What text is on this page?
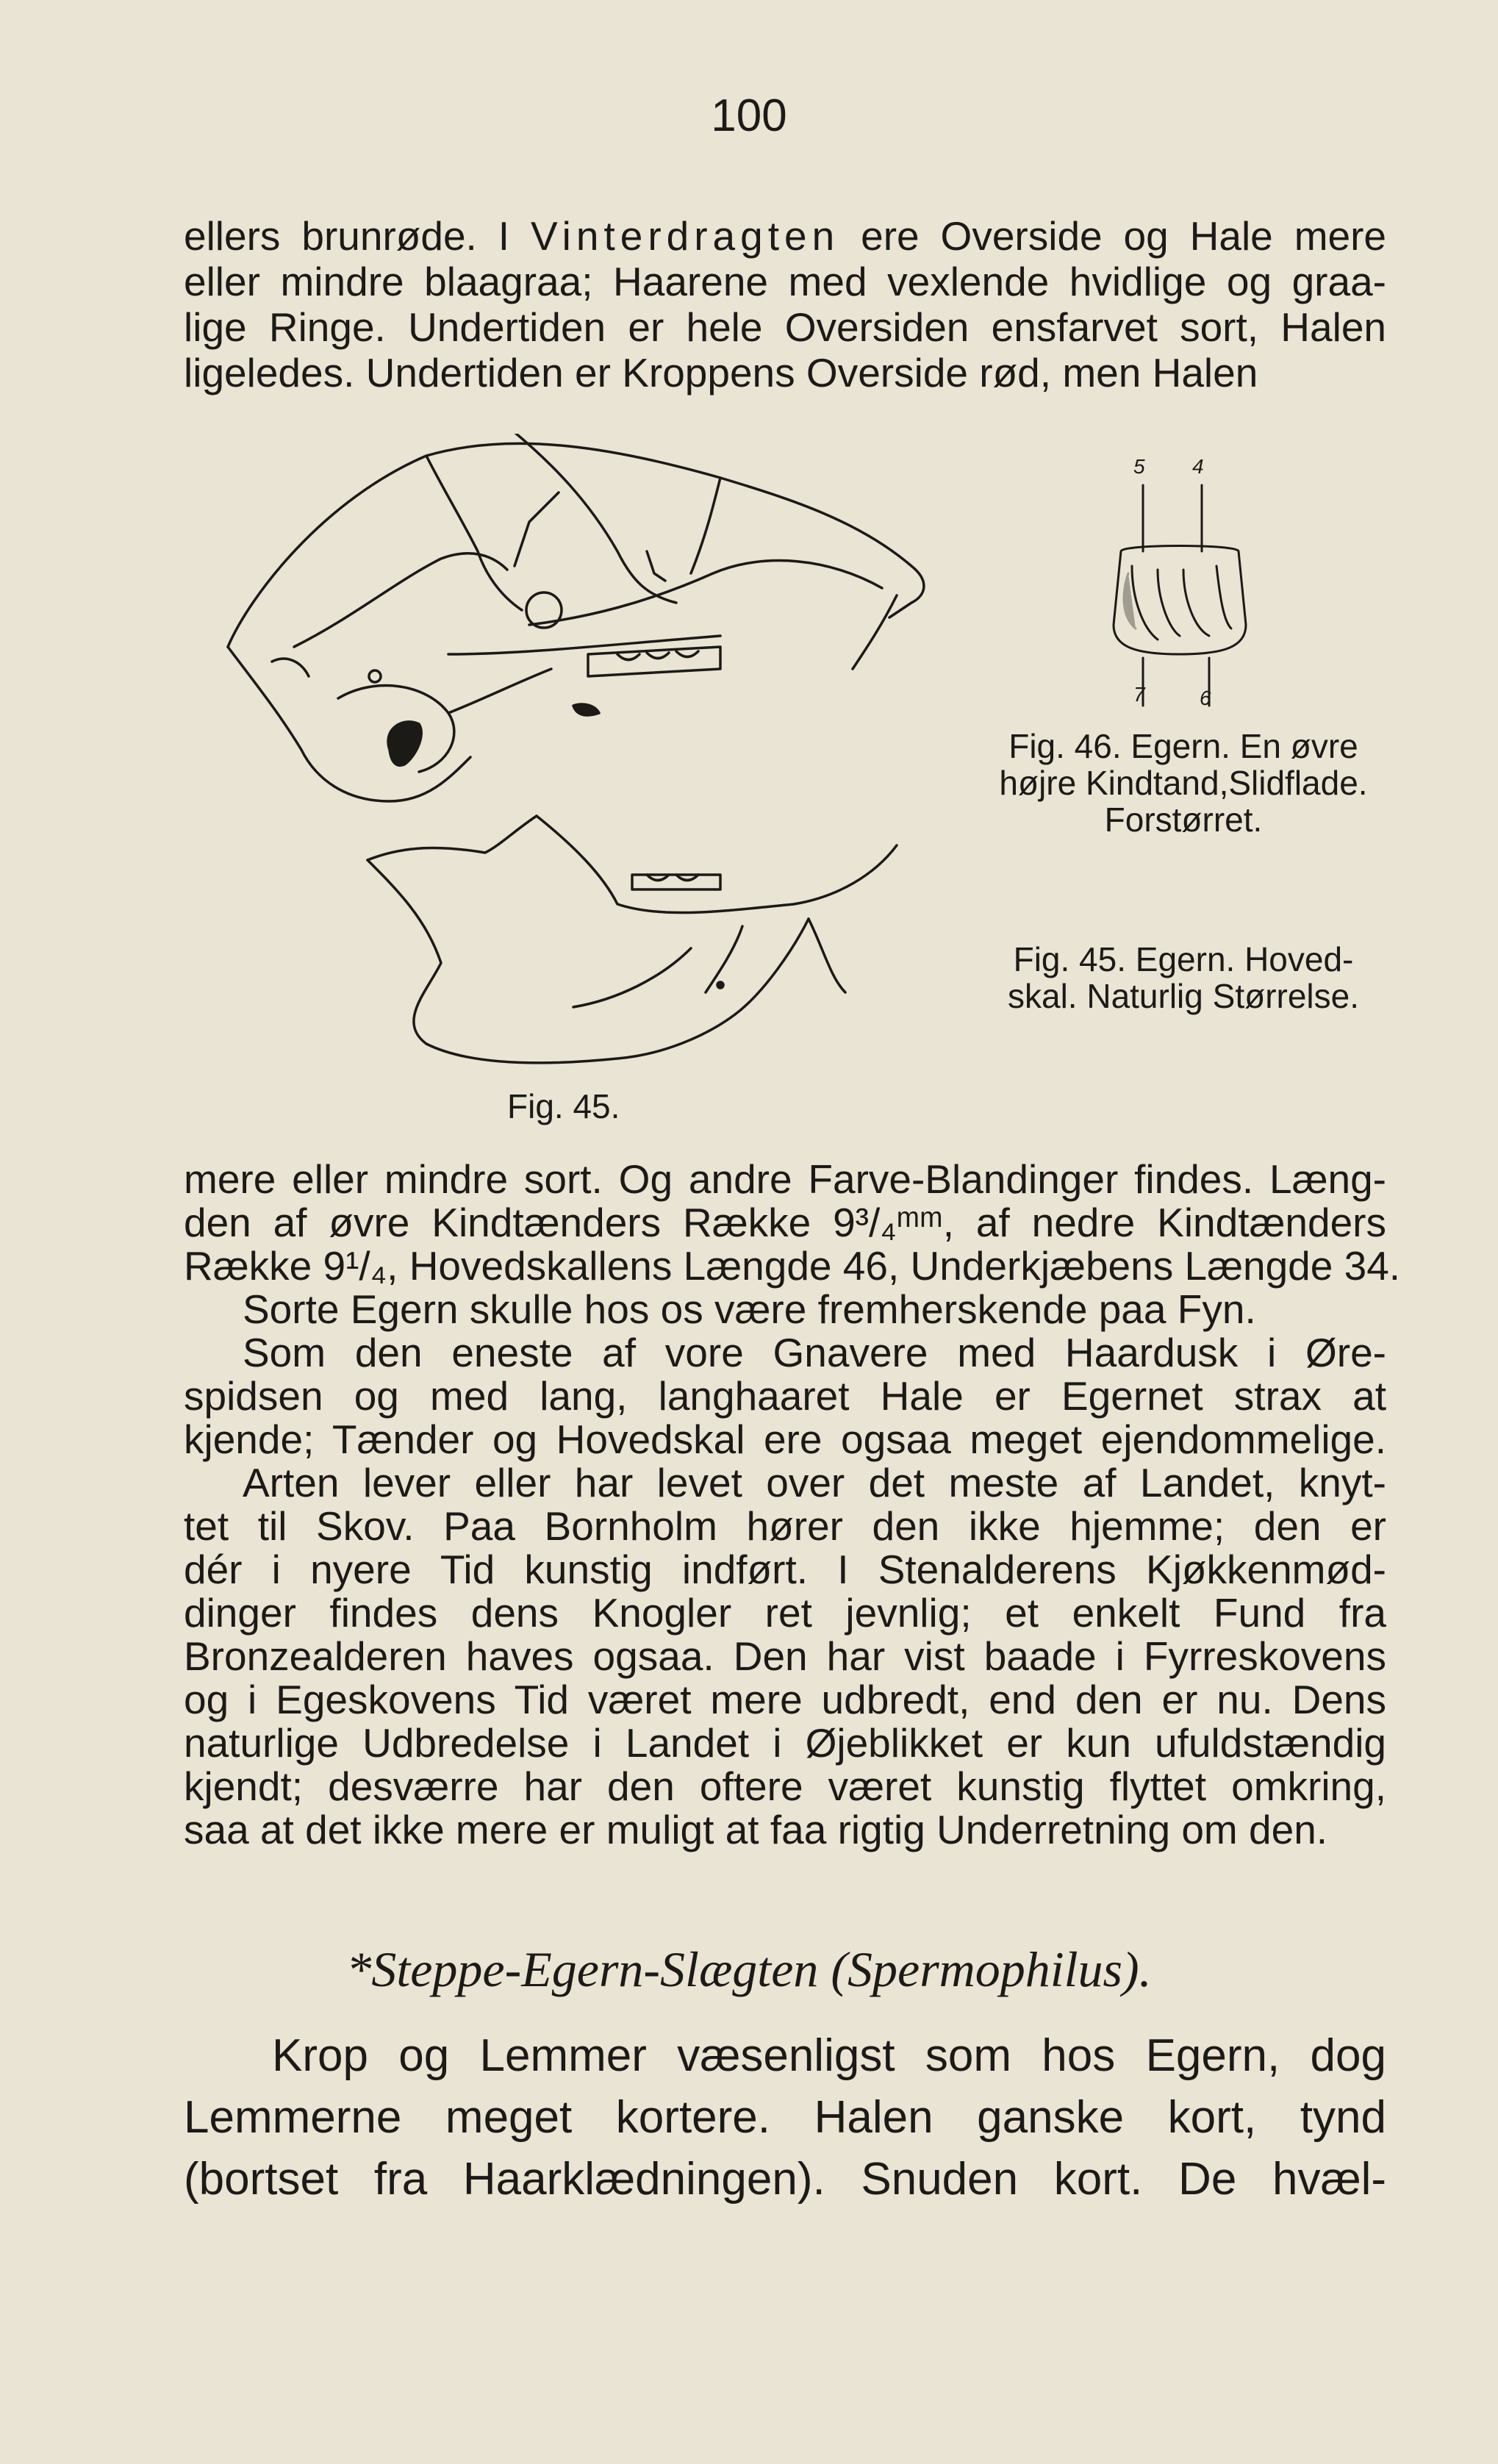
100
ellers brunrøde. I Vinterdragten ere Overside og Hale mere
eller mindre blaagraa; Haarene med vexlende hvidlige og graa-
lige Ringe. Undertiden er hele Oversiden ensfarvet sort, Halen
ligeledes. Undertiden er Kroppens Overside rød, men Halen
5 4
7	6
Fig. 46. Egern. En øvre
højre Kindtand,Slidflade.
Forstørret.
Fig. 45. Egern. Hoved-
skal. Naturlig Størrelse.
Fig. 45.
mere eller mindre sort. Og andre Farve-Blandinger findes. Læng-
den af øvre Kindtænders Række 9³/₄ᵐᵐ, af nedre Kindtænders
Række 9¹/₄, Hovedskallens Længde 46, Underkjæbens Længde 34.
Sorte Egern skulle hos os være fremherskende paa Fyn.
Som den eneste af vore Gnavere med Haardusk i Øre-
spidsen og med lang, langhaaret Hale er Egernet strax at
kjende; Tænder og Hovedskal ere ogsaa meget ejendommelige.
Arten lever eller har levet over det meste af Landet, knyt-
tet til Skov. Paa Bornholm hører den ikke hjemme; den er
dér i nyere Tid kunstig indført. I Stenalderens Kjøkkenmød-
dinger findes dens Knogler ret jevnlig; et enkelt Fund fra
Bronzealderen haves ogsaa. Den har vist baade i Fyrreskovens
og i Egeskovens Tid været mere udbredt, end den er nu. Dens
naturlige Udbredelse i Landet i Øjeblikket er kun ufuldstændig
kjendt; desværre har den oftere været kunstig flyttet omkring,
saa at det ikke mere er muligt at faa rigtig Underretning om den.
*Steppe-Egern-Slægten (Spermophilus).
Krop og Lemmer væsenligst som hos Egern, dog
Lemmerne meget kortere. Halen ganske kort, tynd
(bortset fra Haarklædningen). Snuden kort. De hvæl-
